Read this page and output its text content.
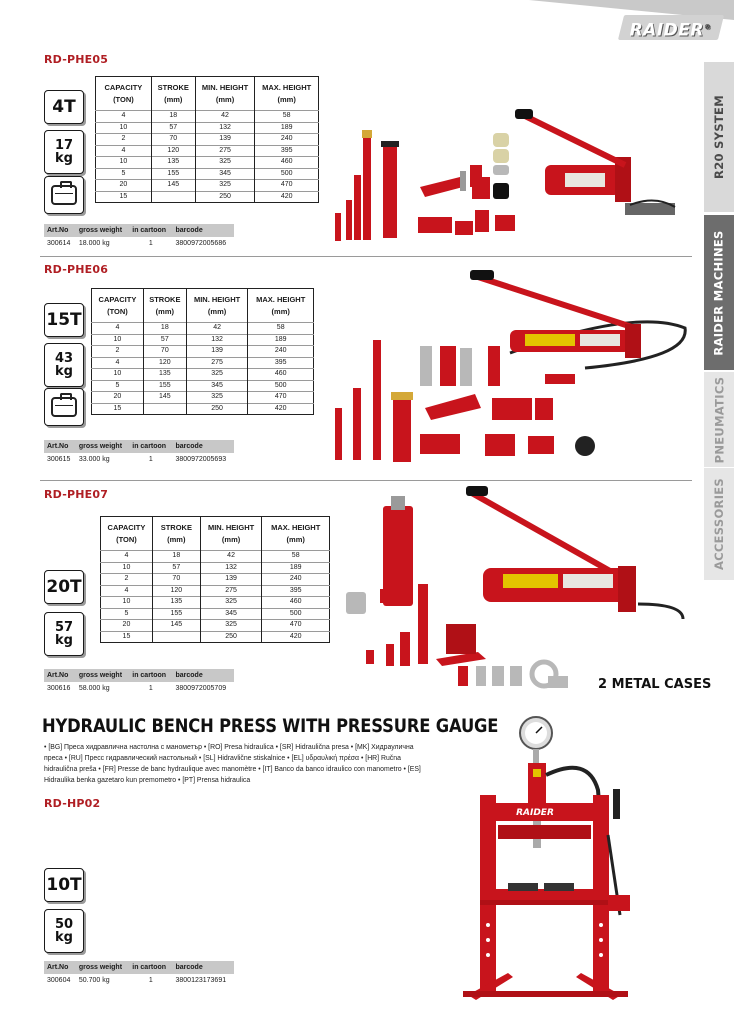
RAIDER®
R20 SYSTEM
RAIDER MACHINES
PNEUMATICS
ACCESSORIES
RD-PHE05
4T
17
kg
CAPACITY
(TON)	STROKE
(mm)	MIN. HEIGHT
(mm)	MAX. HEIGHT
(mm)
4	18	42	58
10	57	132	189
2	70	139	240
4	120	275	395
10	135	325	460
5	155	345	500
20	145	325	470
15		250	420
Art.No	gross weight	in cartoon	barcode
300614	18.000 kg	1	3800972005686
RD-PHE06
15T
43
kg
CAPACITY
(TON)	STROKE
(mm)	MIN. HEIGHT
(mm)	MAX. HEIGHT
(mm)
4	18	42	58
10	57	132	189
2	70	139	240
4	120	275	395
10	135	325	460
5	155	345	500
20	145	325	470
15		250	420
Art.No	gross weight	in cartoon	barcode
300615	33.000 kg	1	3800972005693
RD-PHE07
20T
57
kg
CAPACITY
(TON)	STROKE
(mm)	MIN. HEIGHT
(mm)	MAX. HEIGHT
(mm)
4	18	42	58
10	57	132	189
2	70	139	240
4	120	275	395
10	135	325	460
5	155	345	500
20	145	325	470
15		250	420
Art.No	gross weight	in cartoon	barcode
300616	58.000 kg	1	3800972005709	2 METAL CASES
HYDRAULIC BENCH PRESS WITH PRESSURE GAUGE
• [BG] Преса хидравлична настолна с манометър • [RO] Presa hidraulica • [SR] Hidraulična presa • [MK] Хидраулична преса • [RU] Пресс гидравлический настольный • [SL] Hidravlične stiskalnice • [EL] υδραυλική πρέσα • [HR] Ručna hidraulična preša • [FR] Presse de banc hydraulique avec manomètre • [IT] Banco da banco idraulico con manometro • [ES] Hidraulika benka gazetaro kun premometro • [PT] Prensa hidraulica
RD-HP02
10T
50
kg
Art.No	gross weight	in cartoon	barcode
300604	50.700 kg	1	3800123173691
RAIDER
